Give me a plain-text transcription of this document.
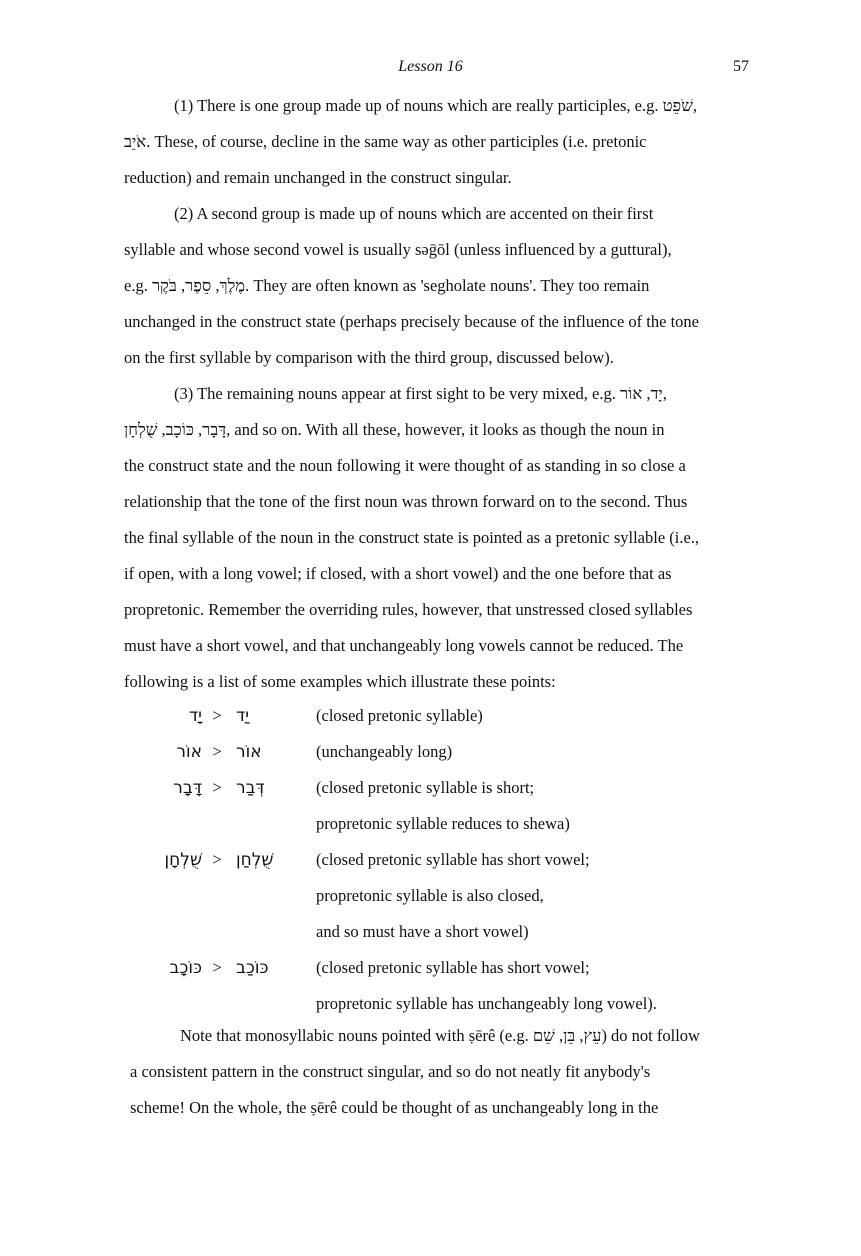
Lesson 16	57
(1) There is one group made up of nouns which are really participles, e.g. שֹׁפֵט,
אֹיֵב. These, of course, decline in the same way as other participles (i.e. pretonic
reduction) and remain unchanged in the construct singular.
(2) A second group is made up of nouns which are accented on their first
syllable and whose second vowel is usually səḡōl (unless influenced by a guttural),
e.g. מֶלֶךְ, סֵפֶר, בֹּקֶר. They are often known as 'segholate nouns'. They too remain
unchanged in the construct state (perhaps precisely because of the influence of the tone
on the first syllable by comparison with the third group, discussed below).
(3) The remaining nouns appear at first sight to be very mixed, e.g. יָד, אוֹר,
דָּבָר, כּוֹכָב, שֻׁלְחָן, and so on. With all these, however, it looks as though the noun in
the construct state and the noun following it were thought of as standing in so close a
relationship that the tone of the first noun was thrown forward on to the second. Thus
the final syllable of the noun in the construct state is pointed as a pretonic syllable (i.e.,
if open, with a long vowel; if closed, with a short vowel) and the one before that as
propretonic. Remember the overriding rules, however, that unstressed closed syllables
must have a short vowel, and that unchangeably long vowels cannot be reduced. The
following is a list of some examples which illustrate these points:
יָד > יַד	(closed pretonic syllable)
אוֹר > אוֹר	(unchangeably long)
דָּבָר > דְּבַר	(closed pretonic syllable is short;
propretonic syllable reduces to shewa)
שֻׁלְחָן > שֻׁלְחַן	(closed pretonic syllable has short vowel;
propretonic syllable is also closed,
and so must have a short vowel)
כּוֹכָב > כּוֹכַב	(closed pretonic syllable has short vowel;
propretonic syllable has unchangeably long vowel).
Note that monosyllabic nouns pointed with ṣērê (e.g. עֵץ, בֵּן, שֵׁם) do not follow
a consistent pattern in the construct singular, and so do not neatly fit anybody's
scheme! On the whole, the ṣērê could be thought of as unchangeably long in the
